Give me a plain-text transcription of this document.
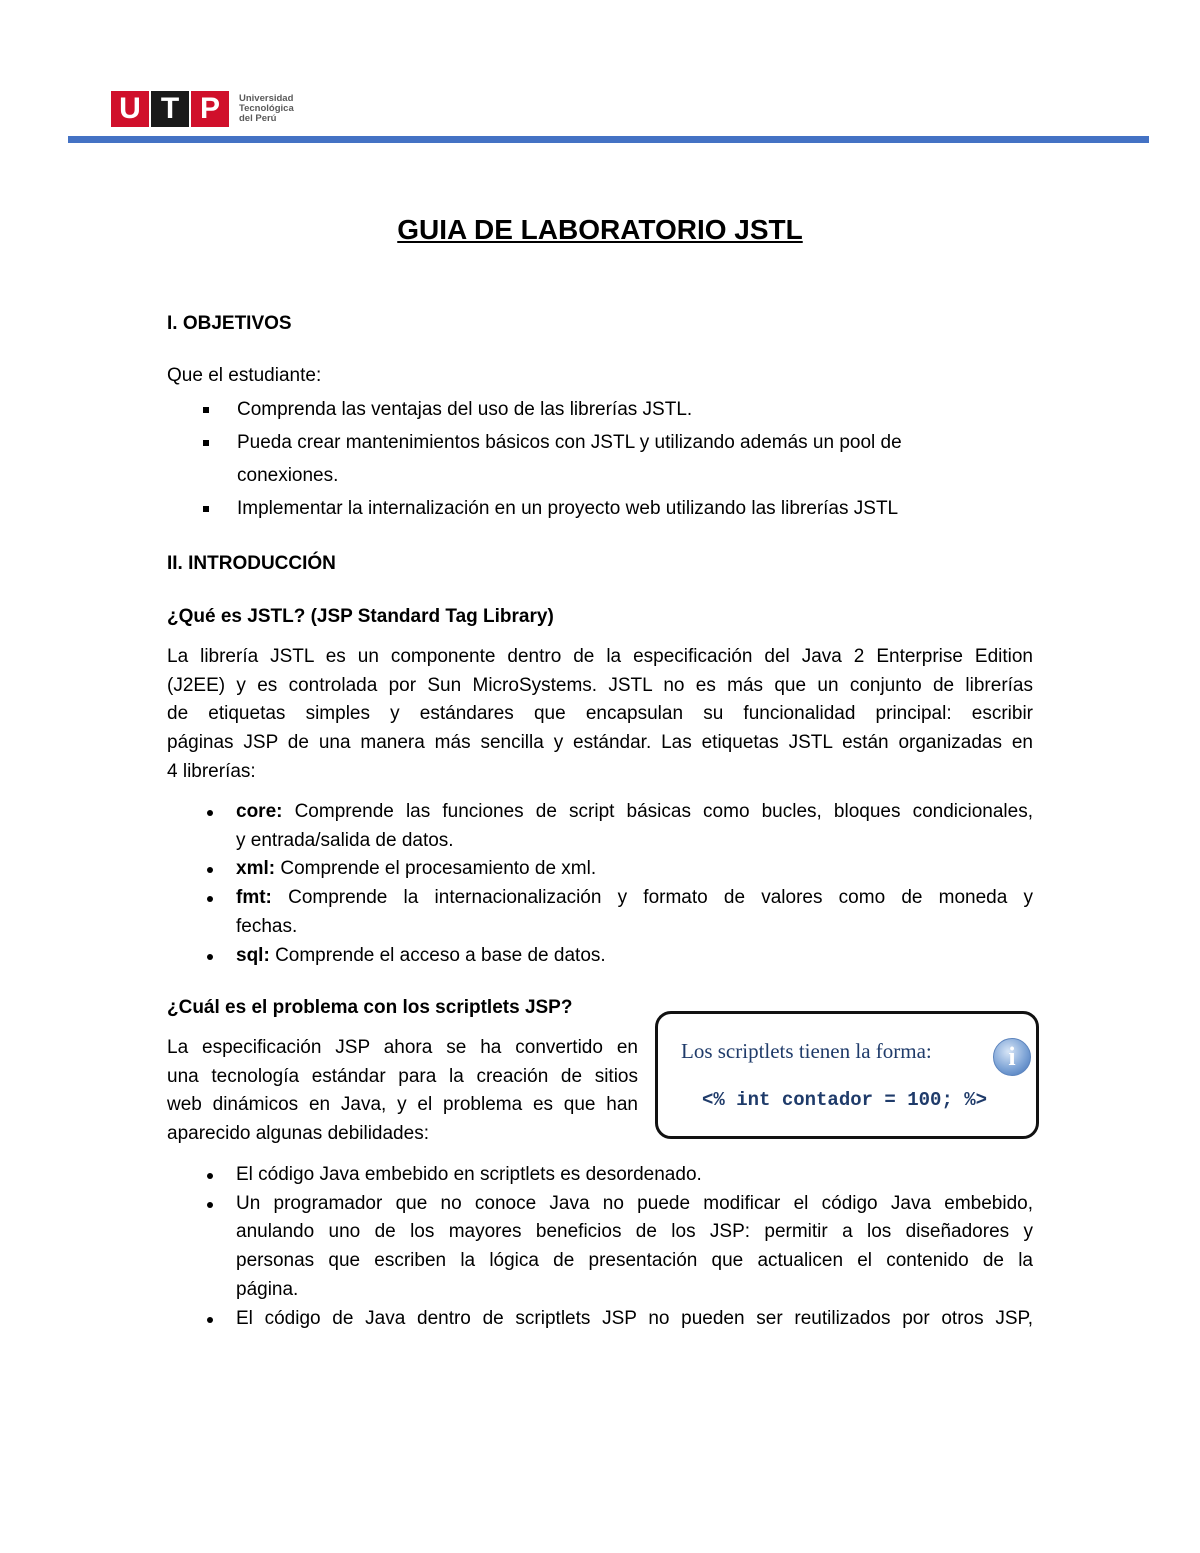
U T P	Universidad
Tecnológica
del Perú
GUIA DE LABORATORIO JSTL
I. OBJETIVOS
Que el estudiante:
Comprenda las ventajas del uso de las librerías JSTL.
Pueda crear mantenimientos básicos con JSTL y utilizando además un pool de
conexiones.
Implementar la internalización en un proyecto web utilizando las librerías JSTL
II. INTRODUCCIÓN
¿Qué es JSTL? (JSP Standard Tag Library)
La librería JSTL es un componente dentro de la especificación del Java 2 Enterprise Edition
(J2EE) y es controlada por Sun MicroSystems. JSTL no es más que un conjunto de librerías
de etiquetas simples y estándares que encapsulan su funcionalidad principal: escribir
páginas JSP de una manera más sencilla y estándar. Las etiquetas JSTL están organizadas en
4 librerías:
core: Comprende las funciones de script básicas como bucles, bloques condicionales,
y entrada/salida de datos.
xml: Comprende el procesamiento de xml.
fmt: Comprende la internacionalización y formato de valores como de moneda y
fechas.
sql: Comprende el acceso a base de datos.
¿Cuál es el problema con los scriptlets JSP?
La especificación JSP ahora se ha convertido en
una tecnología estándar para la creación de sitios
web dinámicos en Java, y el problema es que han
aparecido algunas debilidades:
Los scriptlets tienen la forma:	i
<% int contador = 100; %>
El código Java embebido en scriptlets es desordenado.
Un programador que no conoce Java no puede modificar el código Java embebido,
anulando uno de los mayores beneficios de los JSP: permitir a los diseñadores y
personas que escriben la lógica de presentación que actualicen el contenido de la
página.
El código de Java dentro de scriptlets JSP no pueden ser reutilizados por otros JSP,
